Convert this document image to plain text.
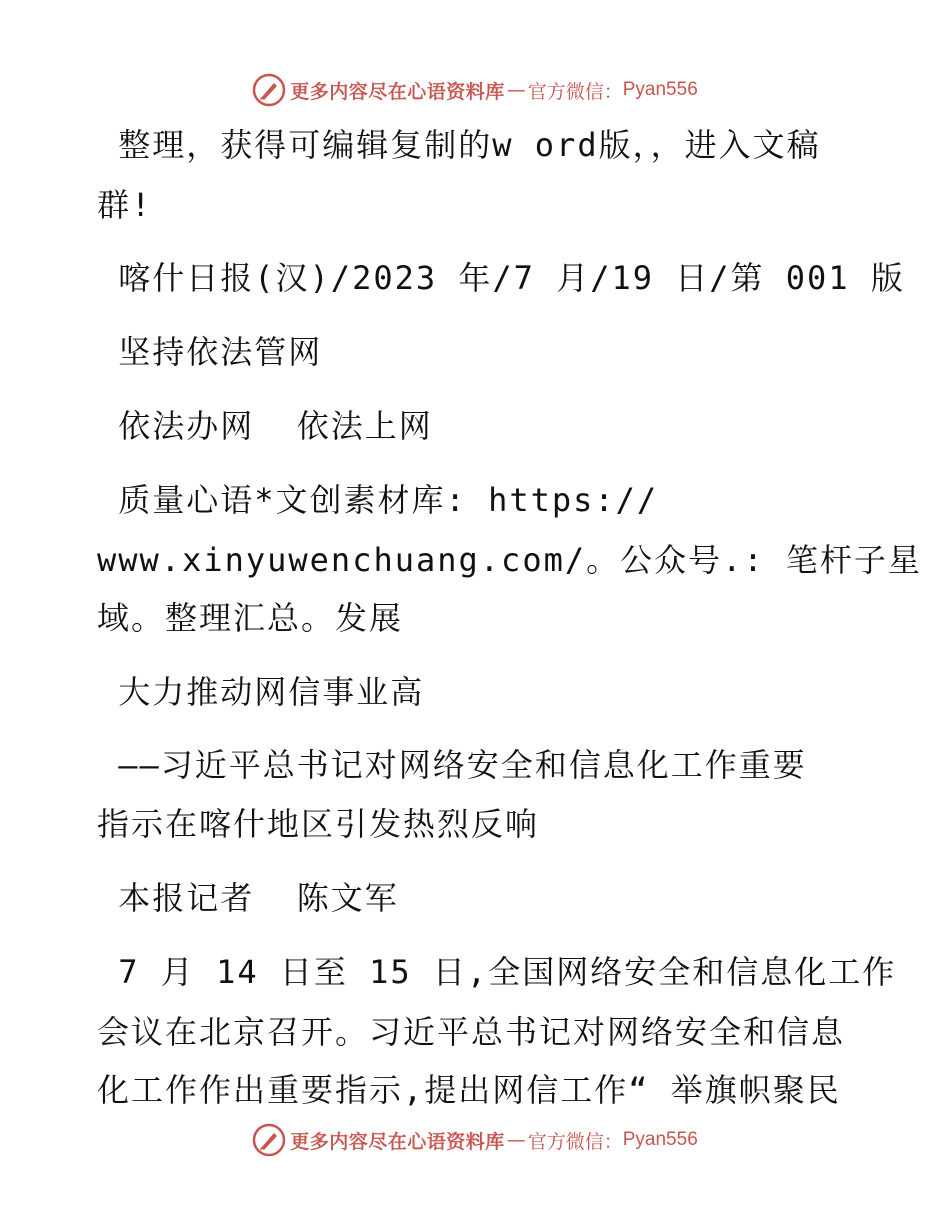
更多内容尽在心语资料库 — 官方微信： Pyan556
整理，获得可编辑复制的w ord版，，进入文稿
群!
喀什日报(汉)/2023 年/7 月/19 日/第 001 版
坚持依法管网
依法办网  依法上网
质量心语*文创素材库: https://
www.xinyuwenchuang.com/。公众号.: 笔杆子星
域。整理汇总。发展
大力推动网信事业高
——习近平总书记对网络安全和信息化工作重要
指示在喀什地区引发热烈反响
本报记者  陈文军
7 月 14 日至 15 日,全国网络安全和信息化工作
会议在北京召开。习近平总书记对网络安全和信息
化工作作出重要指示,提出网信工作“ 举旗帜聚民
更多内容尽在心语资料库 — 官方微信： Pyan556
